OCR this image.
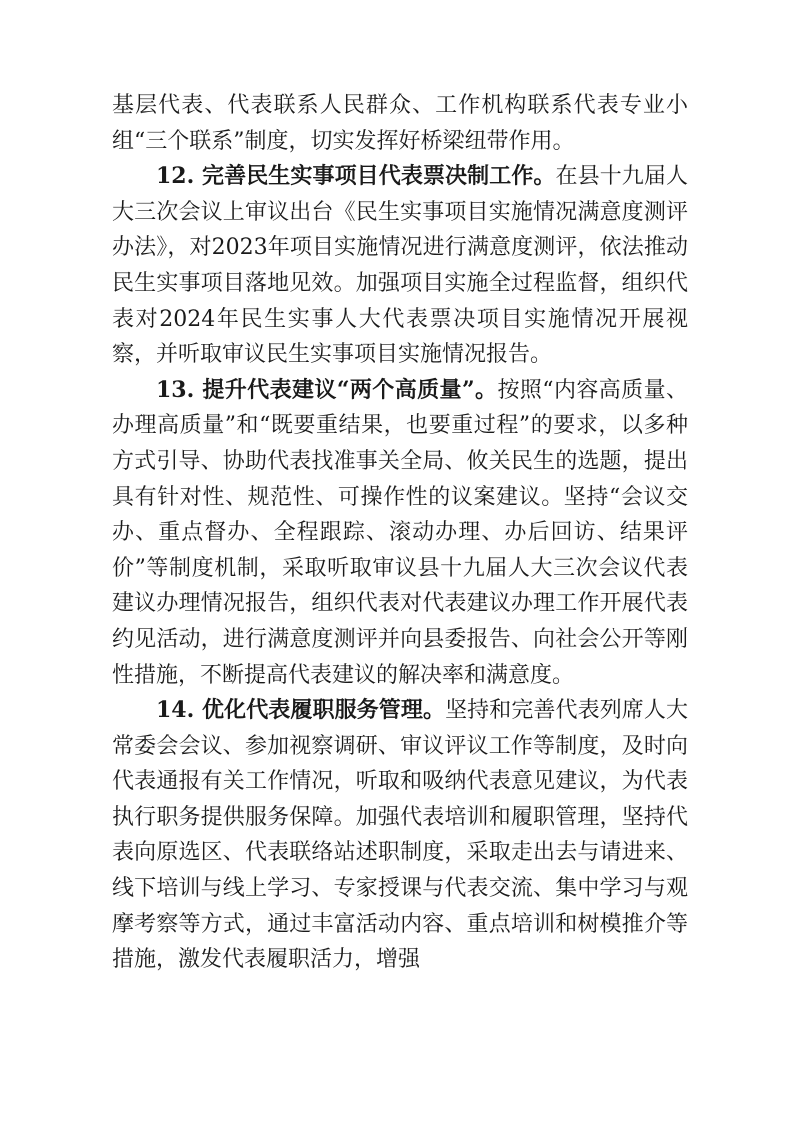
基层代表、代表联系人民群众、工作机构联系代表专业小组“三个联系”制度，切实发挥好桥梁纽带作用。

12. 完善民生实事项目代表票决制工作。在县十九届人大三次会议上审议出台《民生实事项目实施情况满意度测评办法》，对2023年项目实施情况进行满意度测评，依法推动民生实事项目落地见效。加强项目实施全过程监督，组织代表对2024年民生实事人大代表票决项目实施情况开展视察，并听取审议民生实事项目实施情况报告。

13. 提升代表建议“两个高质量”。按照“内容高质量、办理高质量”和“既要重结果，也要重过程”的要求，以多种方式引导、协助代表找准事关全局、攸关民生的选题，提出具有针对性、规范性、可操作性的议案建议。坚持“会议交办、重点督办、全程跟踪、滚动办理、办后回访、结果评价”等制度机制，采取听取审议县十九届人大三次会议代表建议办理情况报告，组织代表对代表建议办理工作开展代表约见活动，进行满意度测评并向县委报告、向社会公开等刚性措施，不断提高代表建议的解决率和满意度。

14. 优化代表履职服务管理。坚持和完善代表列席人大常委会会议、参加视察调研、审议评议工作等制度，及时向代表通报有关工作情况，听取和吸纳代表意见建议，为代表执行职务提供服务保障。加强代表培训和履职管理，坚持代表向原选区、代表联络站述职制度，采取走出去与请进来、线下培训与线上学习、专家授课与代表交流、集中学习与观摩考察等方式，通过丰富活动内容、重点培训和树模推介等措施，激发代表履职活力，增强
